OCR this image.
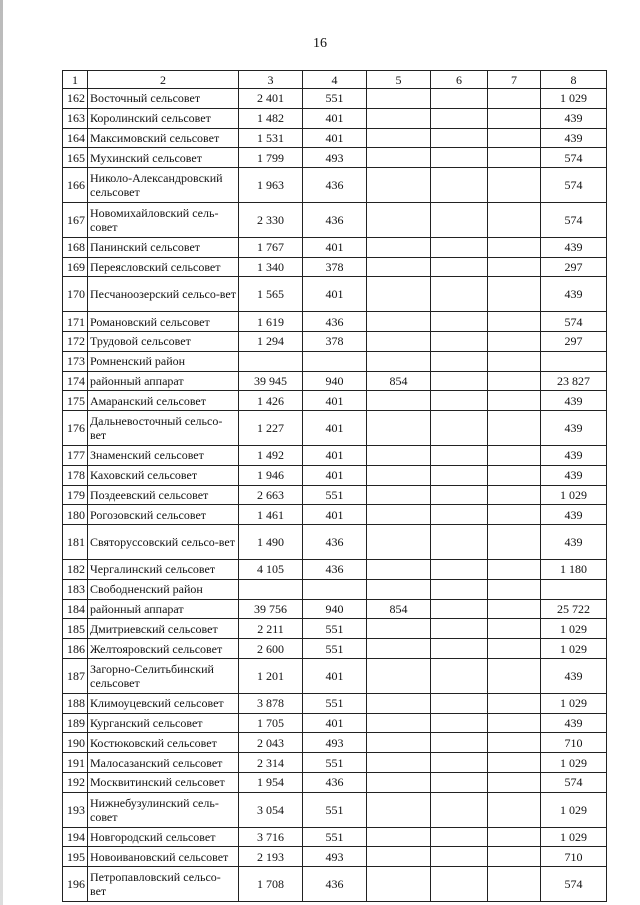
16
1	2	3	4	5	6	7	8
162	Восточный сельсовет	2 401	551				1 029
163	Королинский сельсовет	1 482	401				439
164	Максимовский сельсовет	1 531	401				439
165	Мухинский сельсовет	1 799	493				574
166	Николо-Александровский сельсовет	1 963	436				574
167	Новомихайловский сель-совет	2 330	436				574
168	Панинский сельсовет	1 767	401				439
169	Переясловский сельсовет	1 340	378				297
170	Песчаноозерский сельсо-вет	1 565	401				439
171	Романовский сельсовет	1 619	436				574
172	Трудовой сельсовет	1 294	378				297
173	Ромненский район						
174	районный аппарат	39 945	940	854			23 827
175	Амаранский сельсовет	1 426	401				439
176	Дальневосточный сельсо-вет	1 227	401				439
177	Знаменский сельсовет	1 492	401				439
178	Каховский сельсовет	1 946	401				439
179	Поздеевский сельсовет	2 663	551				1 029
180	Рогозовский сельсовет	1 461	401				439
181	Святоруссовский сельсо-вет	1 490	436				439
182	Чергалинский сельсовет	4 105	436				1 180
183	Свободненский район						
184	районный аппарат	39 756	940	854			25 722
185	Дмитриевский сельсовет	2 211	551				1 029
186	Желтояровский сельсовет	2 600	551				1 029
187	Загорно-Селитьбинский сельсовет	1 201	401				439
188	Климоуцевский сельсовет	3 878	551				1 029
189	Курганский сельсовет	1 705	401				439
190	Костюковский сельсовет	2 043	493				710
191	Малосазанский сельсовет	2 314	551				1 029
192	Москвитинский сельсовет	1 954	436				574
193	Нижнебузулинский сель-совет	3 054	551				1 029
194	Новгородский сельсовет	3 716	551				1 029
195	Новоивановский сельсовет	2 193	493				710
196	Петропавловский сельсо-вет	1 708	436				574
